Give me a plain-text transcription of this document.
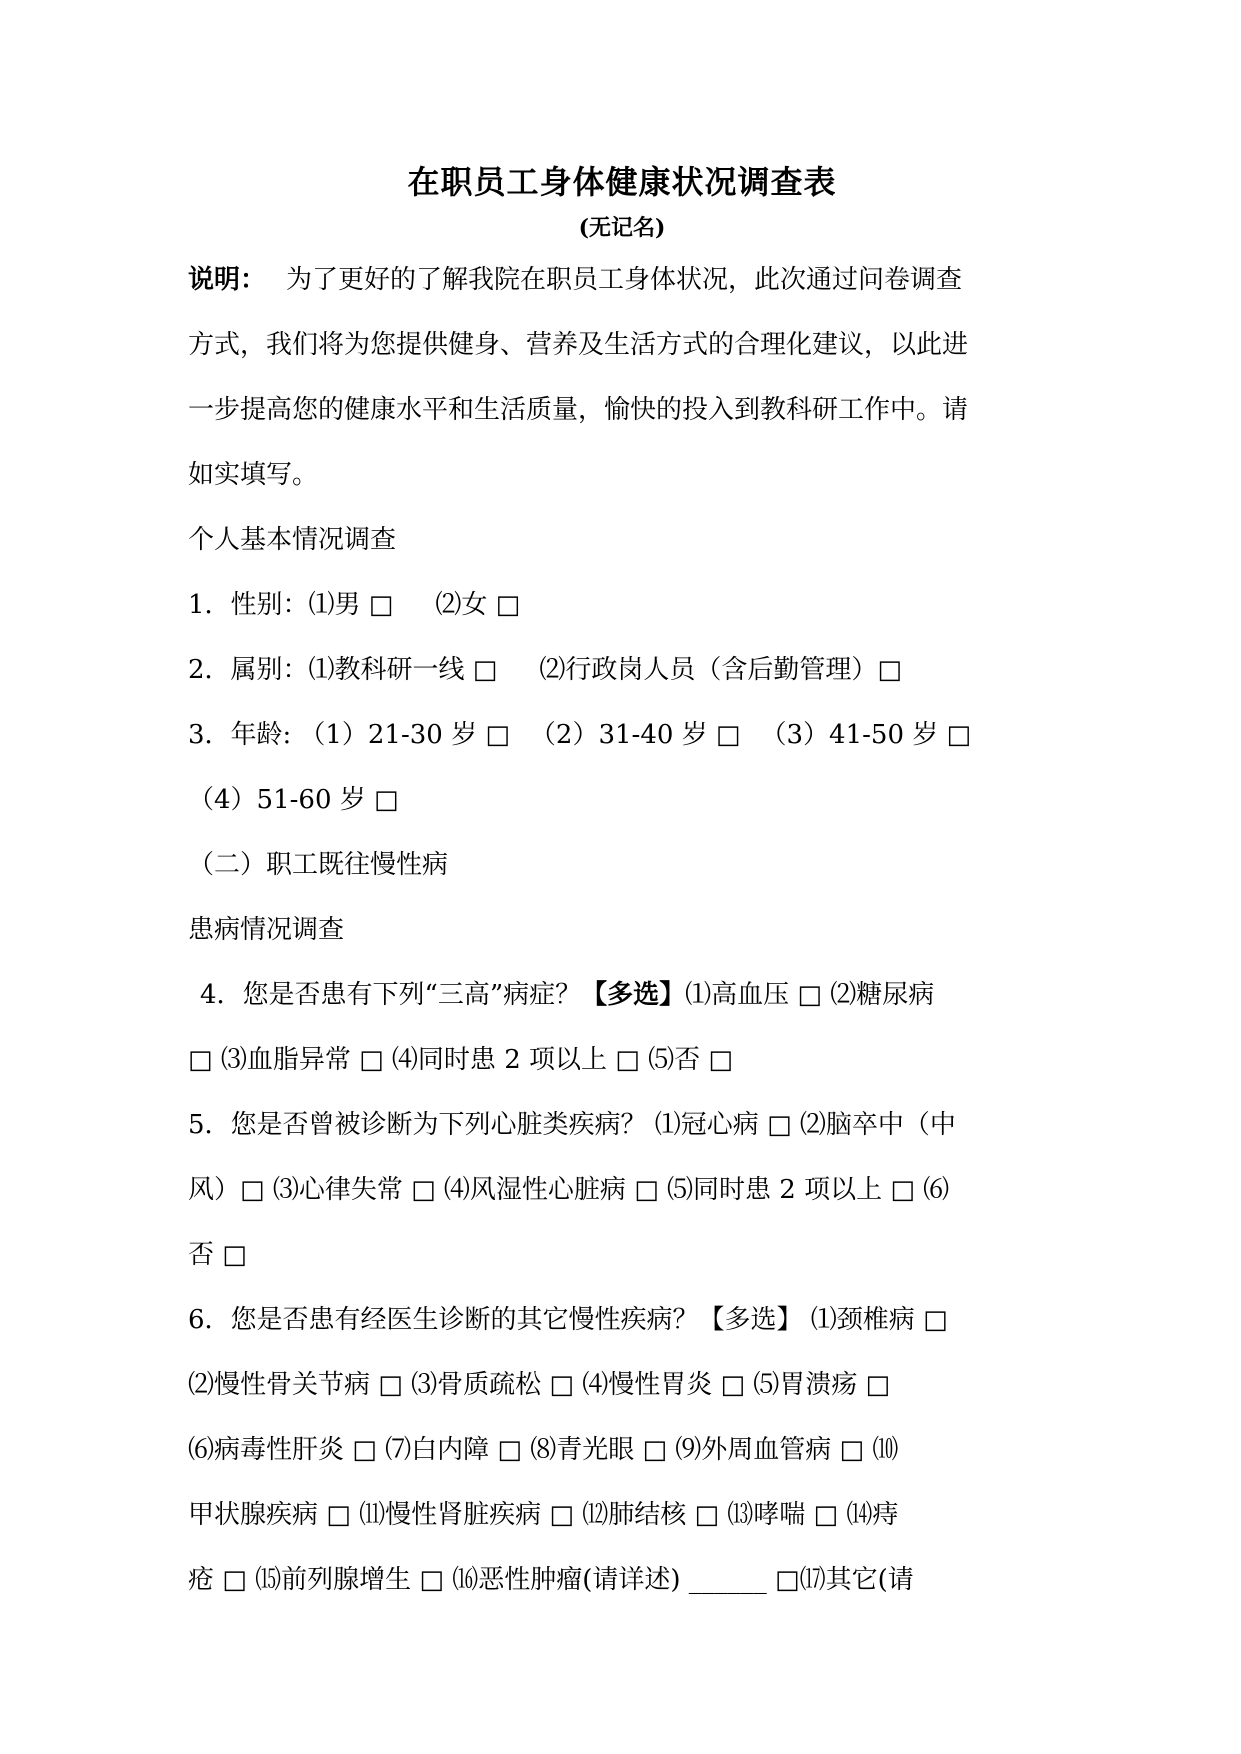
在职员工身体健康状况调查表

(无记名)

说明： 为了更好的了解我院在职员工身体状况，此次通过问卷调查

方式，我们将为您提供健身、营养及生活方式的合理化建议，以此进

一步提高您的健康水平和生活质量，愉快的投入到教科研工作中。请

如实填写。

个人基本情况调查

1．性别：⑴男 □ ⑵女 □

2．属别：⑴教科研一线 □ ⑵行政岗人员（含后勤管理）□

3．年龄: （1）21-30 岁 □ （2）31-40 岁 □ （3）41-50 岁 □

（4）51-60 岁 □

（二）职工既往慢性病

患病情况调查

4．您是否患有下列“三高”病症？【多选】⑴高血压 □ ⑵糖尿病

□ ⑶血脂异常 □ ⑷同时患 2 项以上 □ ⑸否 □

5．您是否曾被诊断为下列心脏类疾病？ ⑴冠心病 □ ⑵脑卒中（中

风）□ ⑶心律失常 □ ⑷风湿性心脏病 □ ⑸同时患 2 项以上 □ ⑹

否 □

6．您是否患有经医生诊断的其它慢性疾病？【多选】 ⑴颈椎病 □

⑵慢性骨关节病 □ ⑶骨质疏松 □ ⑷慢性胃炎 □ ⑸胃溃疡 □

⑹病毒性肝炎 □ ⑺白内障 □ ⑻青光眼 □ ⑼外周血管病 □ ⑽

甲状腺疾病 □ ⑾慢性肾脏疾病 □ ⑿肺结核 □ ⒀哮喘 □ ⒁痔

疮 □ ⒂前列腺增生 □ ⒃恶性肿瘤(请详述) ______ □⒄其它(请
